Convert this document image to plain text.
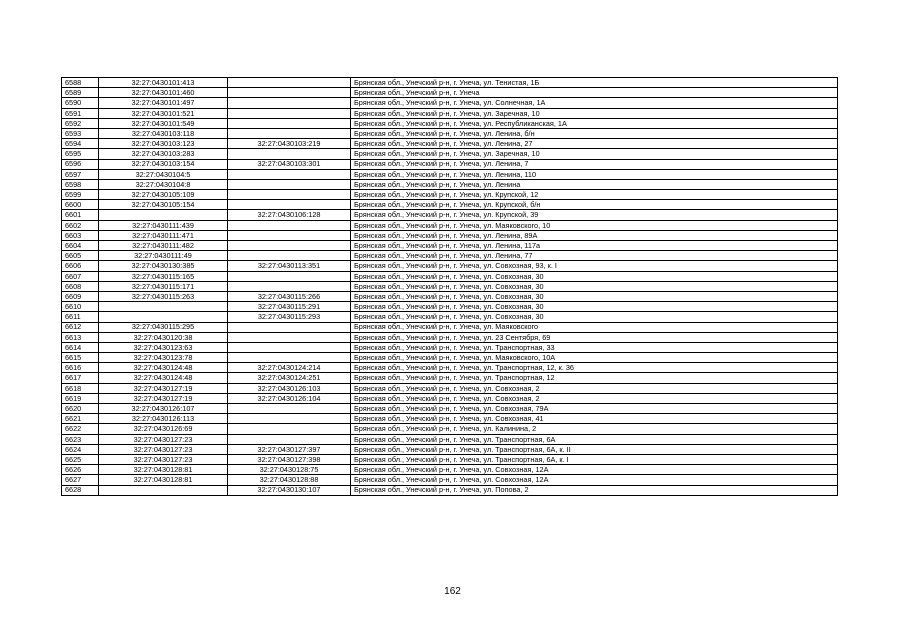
6588	32:27:0430101:413		Брянская обл., Унечский р-н, г. Унеча, ул. Тенистая, 1Б
6589	32:27:0430101:460		Брянская обл., Унечский р-н, г. Унеча
6590	32:27:0430101:497		Брянская обл., Унечский р-н, г. Унеча, ул. Солнечная, 1А
6591	32:27:0430101:521		Брянская обл., Унечский р-н, г. Унеча, ул. Заречная, 10
6592	32:27:0430101:549		Брянская обл., Унечский р-н, г. Унеча, ул. Республиканская, 1А
6593	32:27:0430103:118		Брянская обл., Унечский р-н, г. Унеча, ул. Ленина, б/н
6594	32:27:0430103:123	32:27:0430103:219	Брянская обл., Унечский р-н, г. Унеча, ул. Ленина, 27
6595	32:27:0430103:283		Брянская обл., Унечский р-н, г. Унеча, ул. Заречная, 10
6596	32:27:0430103:154	32:27:0430103:301	Брянская обл., Унечский р-н, г. Унеча, ул. Ленина, 7
6597	32:27:0430104:5		Брянская обл., Унечский р-н, г. Унеча, ул. Ленина, 110
6598	32:27:0430104:8		Брянская обл., Унечский р-н, г. Унеча, ул. Ленина
6599	32:27:0430105:109		Брянская обл., Унечский р-н, г. Унеча, ул. Крупской, 12
6600	32:27:0430105:154		Брянская обл., Унечский р-н, г. Унеча, ул. Крупской, б/н
6601		32:27:0430106:128	Брянская обл., Унечский р-н, г. Унеча, ул. Крупской, 39
6602	32:27:0430111:439		Брянская обл., Унечский р-н, г. Унеча, ул. Маяковского, 10
6603	32:27:0430111:471		Брянская обл., Унечский р-н, г. Унеча, ул. Ленина, 89А
6604	32:27:0430111:482		Брянская обл., Унечский р-н, г. Унеча, ул. Ленина, 117а
6605	32:27:0430111:49		Брянская обл., Унечский р-н, г. Унеча, ул. Ленина, 77
6606	32:27:0430130:385	32:27:0430113:351	Брянская обл., Унечский р-н, г. Унеча, ул. Совхозная, 93, к. I
6607	32:27:0430115:165		Брянская обл., Унечский р-н, г. Унеча, ул. Совхозная, 30
6608	32:27:0430115:171		Брянская обл., Унечский р-н, г. Унеча, ул. Совхозная, 30
6609	32:27:0430115:263	32:27:0430115:266	Брянская обл., Унечский р-н, г. Унеча, ул. Совхозная, 30
6610		32:27:0430115:291	Брянская обл., Унечский р-н, г. Унеча, ул. Совхозная, 30
6611		32:27:0430115:293	Брянская обл., Унечский р-н, г. Унеча, ул. Совхозная, 30
6612	32:27:0430115:295		Брянская обл., Унечский р-н, г. Унеча, ул. Маяковского
6613	32:27:0430120:38		Брянская обл., Унечский р-н, г. Унеча, ул. 23 Сентября, 69
6614	32:27:0430123:63		Брянская обл., Унечский р-н, г. Унеча, ул. Транспортная, 33
6615	32:27:0430123:78		Брянская обл., Унечский р-н, г. Унеча, ул. Маяковского, 10А
6616	32:27:0430124:48	32:27:0430124:214	Брянская обл., Унечский р-н, г. Унеча, ул. Транспортная, 12, к. 36
6617	32:27:0430124:48	32:27:0430124:251	Брянская обл., Унечский р-н, г. Унеча, ул. Транспортная, 12
6618	32:27:0430127:19	32:27:0430126:103	Брянская обл., Унечский р-н, г. Унеча, ул. Совхозная, 2
6619	32:27:0430127:19	32:27:0430126:104	Брянская обл., Унечский р-н, г. Унеча, ул. Совхозная, 2
6620	32:27:0430126:107		Брянская обл., Унечский р-н, г. Унеча, ул. Совхозная, 79А
6621	32:27:0430126:113		Брянская обл., Унечский р-н, г. Унеча, ул. Совхозная, 41
6622	32:27:0430126:69		Брянская обл., Унечский р-н, г. Унеча, ул. Калинина, 2
6623	32:27:0430127:23		Брянская обл., Унечский р-н, г. Унеча, ул. Транспортная, 6А
6624	32:27:0430127:23	32:27:0430127:397	Брянская обл., Унечский р-н, г. Унеча, ул. Транспортная, 6А, к. II
6625	32:27:0430127:23	32:27:0430127:398	Брянская обл., Унечский р-н, г. Унеча, ул. Транспортная, 6А, к. I
6626	32:27:0430128:81	32:27:0430128:75	Брянская обл., Унечский р-н, г. Унеча, ул. Совхозная, 12А
6627	32:27:0430128:81	32:27:0430128:88	Брянская обл., Унечский р-н, г. Унеча, ул. Совхозная, 12А
6628		32:27:0430130:107	Брянская обл., Унечский р-н, г. Унеча, ул. Попова, 2
162
